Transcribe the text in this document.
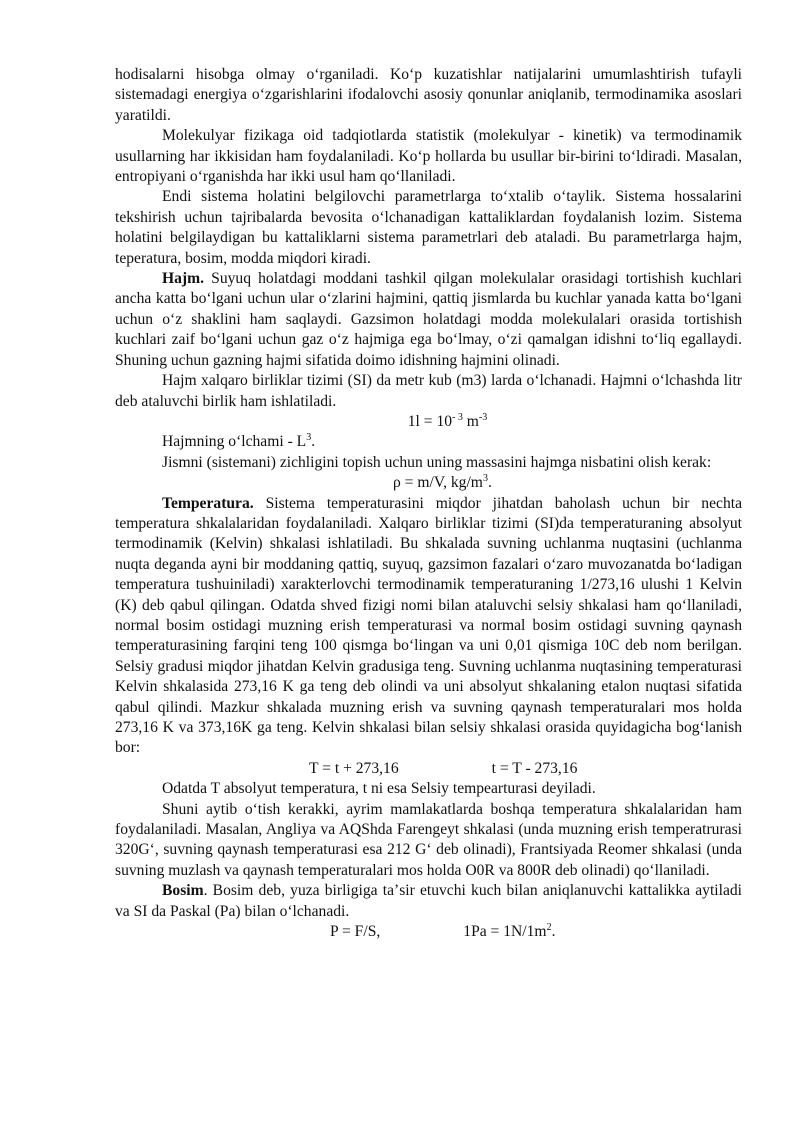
hodisalarni hisobga olmay oʻrganiladi. Koʻp kuzatishlar natijalarini umumlashtirish tufayli sistemadagi energiya oʻzgarishlarini ifodalovchi asosiy qonunlar aniqlanib, termodinamika asoslari yaratildi.

Molekulyar fizikaga oid tadqiotlarda statistik (molekulyar - kinetik) va termodinamik usullarning har ikkisidan ham foydalaniladi. Koʻp hollarda bu usullar bir-birini toʻldiradi. Masalan, entropiyani oʻrganishda har ikki usul ham qoʻllaniladi.

Endi sistema holatini belgilovchi parametrlarga toʻxtalib oʻtaylik. Sistema hossalarini tekshirish uchun tajribalarda bevosita oʻlchanadigan kattaliklardan foydalanish lozim. Sistema holatini belgilaydigan bu kattaliklarni sistema parametrlari deb ataladi. Bu parametrlarga hajm, teperatura, bosim, modda miqdori kiradi.

Hajm. Suyuq holatdagi moddani tashkil qilgan molekulalar orasidagi tortishish kuchlari ancha katta boʻlgani uchun ular oʻzlarini hajmini, qattiq jismlarda bu kuchlar yanada katta boʻlgani uchun oʻz shaklini ham saqlaydi. Gazsimon holatdagi modda molekulalari orasida tortishish kuchlari zaif boʻlgani uchun gaz oʻz hajmiga ega boʻlmay, oʻzi qamalgan idishni toʻliq egallaydi. Shuning uchun gazning hajmi sifatida doimo idishning hajmini olinadi.

Hajm xalqaro birliklar tizimi (SI) da metr kub (m3) larda oʻlchanadi. Hajmni oʻlchashda litr deb ataluvchi birlik ham ishlatiladi.

$1l = 10^{- 3}$ $m^{-3}$

Hajmning oʻlchami - $L^3$.

Jismni (sistemani) zichligini topish uchun uning massasini hajmga nisbatini olish kerak:

ρ = m/V, $kg/m^3$.

Temperatura. Sistema temperaturasini miqdor jihatdan baholash uchun bir nechta temperatura shkalalaridan foydalaniladi. Xalqaro birliklar tizimi (SI)da temperaturaning absolyut termodinamik (Kelvin) shkalasi ishlatiladi. Bu shkalada suvning uchlanma nuqtasini (uchlanma nuqta deganda ayni bir moddaning qattiq, suyuq, gazsimon fazalari oʻzaro muvozanatda boʻladigan temperatura tushuiniladi) xarakterlovchi termodinamik temperaturaning 1/273,16 ulushi 1 Kelvin (K) deb qabul qilingan. Odatda shved fizigi nomi bilan ataluvchi selsiy shkalasi ham qoʻllaniladi, normal bosim ostidagi muzning erish temperaturasi va normal bosim ostidagi suvning qaynash temperaturasining farqini teng 100 qismga boʻlingan va uni 0,01 qismiga 10C deb nom berilgan. Selsiy gradusi miqdor jihatdan Kelvin gradusiga teng. Suvning uchlanma nuqtasining temperaturasi Kelvin shkalasida 273,16 K ga teng deb olindi va uni absolyut shkalaning etalon nuqtasi sifatida qabul qilindi. Mazkur shkalada muzning erish va suvning qaynash temperaturalari mos holda 273,16 K va 373,16K ga teng. Kelvin shkalasi bilan selsiy shkalasi orasida quyidagicha bogʻlanish bor:

T = t + 273,16	t = T - 273,16

Odatda T absolyut temperatura, t ni esa Selsiy tempearturasi deyiladi.

Shuni aytib oʻtish kerakki, ayrim mamlakatlarda boshqa temperatura shkalalaridan ham foydalaniladi. Masalan, Angliya va AQShda Farengeyt shkalasi (unda muzning erish temperatrurasi 320Gʻ, suvning qaynash temperaturasi esa 212 Gʻ deb olinadi), Frantsiyada Reomer shkalasi (unda suvning muzlash va qaynash temperaturalari mos holda O0R va 800R deb olinadi) qoʻllaniladi.

Bosim. Bosim deb, yuza birligiga taʼsir etuvchi kuch bilan aniqlanuvchi kattalikka aytiladi va SI da Paskal (Pa) bilan oʻlchanadi.

P = F/S,	$1Pa = 1N/1m^2$.
